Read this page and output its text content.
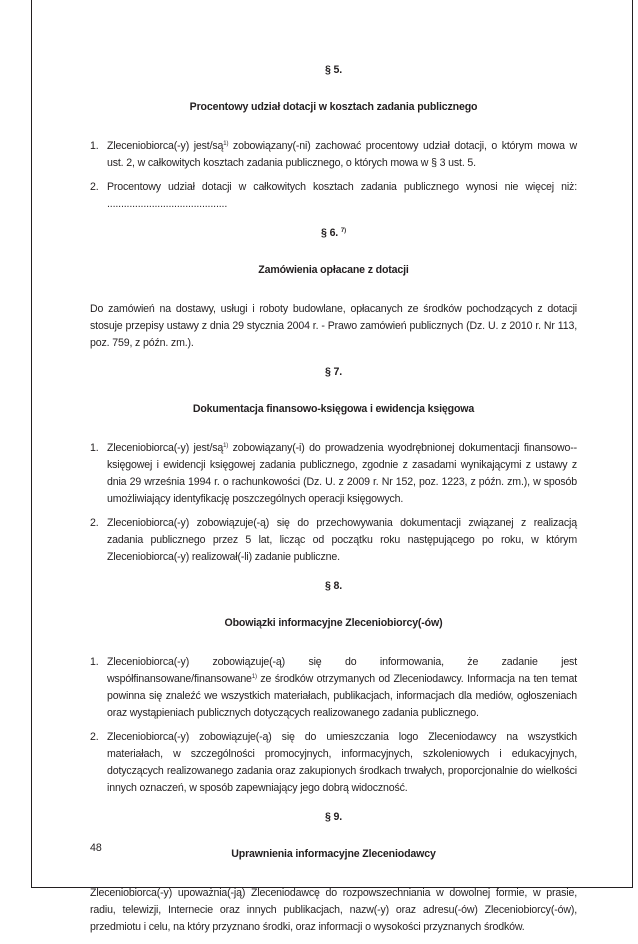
§ 5.
Procentowy udział dotacji w kosztach zadania publicznego
1. Zleceniobiorca(-y) jest/$są^{1)}$ zobowiązany(-ni) zachować procentowy udział dotacji, o którym mowa w ust. 2, w całkowitych kosztach zadania publicznego, o których mowa w § 3 ust. 5.
2. Procentowy udział dotacji w całkowitych kosztach zadania publicznego wynosi nie więcej niż: ...........................................
§ 6. $^{7)}$
Zamówienia opłacane z dotacji

Do zamówień na dostawy, usługi i roboty budowlane, opłacanych ze środków pochodzących z dotacji stosuje przepisy ustawy z dnia 29 stycznia 2004 r. - Prawo zamówień publicznych (Dz. U. z 2010 r. Nr 113, poz. 759, z późn. zm.).

§ 7.
Dokumentacja finansowo-księgowa i ewidencja księgowa
1. Zleceniobiorca(-y) jest/$są^{1)}$ zobowiązany(-i) do prowadzenia wyodrębnionej dokumentacji finansowo--księgowej i ewidencji księgowej zadania publicznego, zgodnie z zasadami wynikającymi z ustawy z dnia 29 września 1994 r. o rachunkowości (Dz. U. z 2009 r. Nr 152, poz. 1223, z późn. zm.), w sposób umożliwiający identyfikację poszczególnych operacji księgowych.
2. Zleceniobiorca(-y) zobowiązuje(-ą) się do przechowywania dokumentacji związanej z realizacją zadania publicznego przez 5 lat, licząc od początku roku następującego po roku, w którym Zleceniobiorca(-y) realizował(-li) zadanie publiczne.
§ 8.
Obowiązki informacyjne Zleceniobiorcy(-ów)
1. Zleceniobiorca(-y) zobowiązuje(-ą) się do informowania, że zadanie jest współfinansowane/finansowane$^{1)}$ ze środków otrzymanych od Zleceniodawcy. Informacja na ten temat powinna się znaleźć we wszystkich materiałach, publikacjach, informacjach dla mediów, ogłoszeniach oraz wystąpieniach publicznych dotyczących realizowanego zadania publicznego.
2. Zleceniobiorca(-y) zobowiązuje(-ą) się do umieszczania logo Zleceniodawcy na wszystkich materiałach, w szczególności promocyjnych, informacyjnych, szkoleniowych i edukacyjnych, dotyczących realizowanego zadania oraz zakupionych środkach trwałych, proporcjonalnie do wielkości innych oznaczeń, w sposób zapewniający jego dobrą widoczność.
§ 9.
Uprawnienia informacyjne Zleceniodawcy

Zleceniobiorca(-y) upoważnia(-ją) Zleceniodawcę do rozpowszechniania w dowolnej formie, w prasie, radiu, telewizji, Internecie oraz innych publikacjach, nazw(-y) oraz adresu(-ów) Zleceniobiorcy(-ów), przedmiotu i celu, na który przyznano środki, oraz informacji o wysokości przyznanych środków.

48
